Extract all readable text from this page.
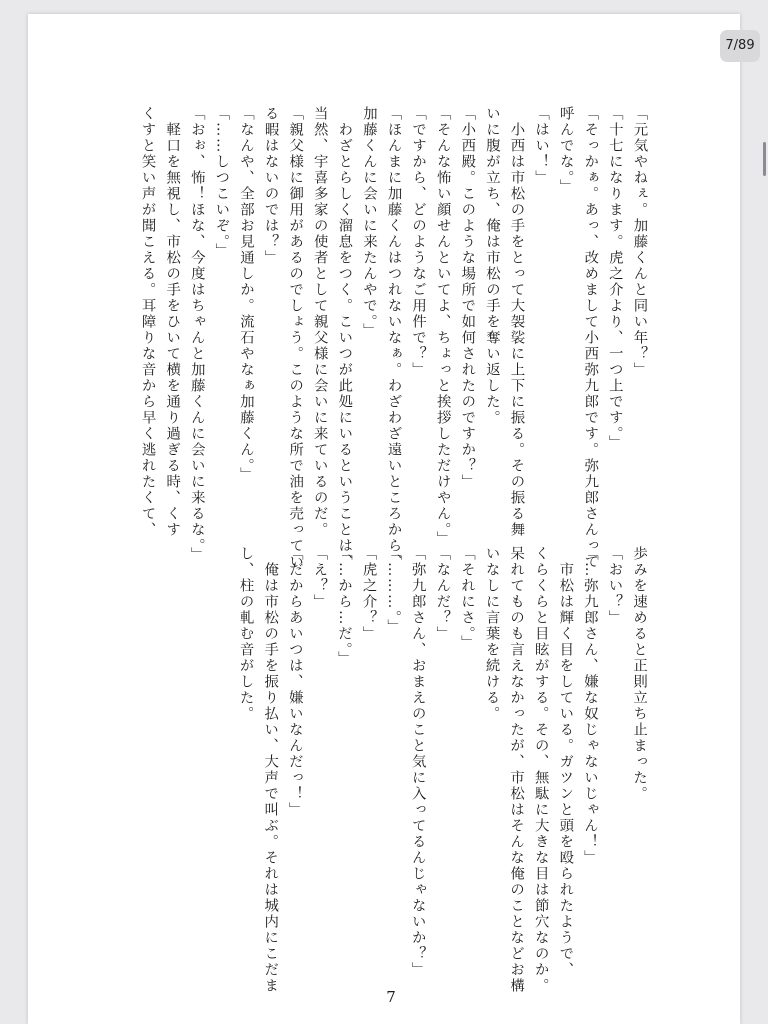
「元気やねぇ。加藤くんと同い年？」
「十七になります。虎之介より、一つ上です。」
「そっかぁ。あっ、改めまして小西弥九郎です。弥九郎さんって
呼んでな。」
「はい！」
　小西は市松の手をとって大袈裟に上下に振る。その振る舞
いに腹が立ち、俺は市松の手を奪い返した。
「小西殿。このような場所で如何されたのですか？」
「そんな怖い顔せんといてよ、ちょっと挨拶しただけやん。」
「ですから、どのようなご用件で？」
「ほんまに加藤くんはつれないなぁ。わざわざ遠いところから、
加藤くんに会いに来たんやで。」
　わざとらしく溜息をつく。こいつが此処にいるということは、
当然、宇喜多家の使者として親父様に会いに来ているのだ。
「親父様に御用があるのでしょう。このような所で油を売ってい
る暇はないのでは？」
「なんや、全部お見通しか。流石やなぁ加藤くん。」
「……しつこいぞ。」
「おぉ、怖！ほな、今度はちゃんと加藤くんに会いに来るな。」
　軽口を無視し、市松の手をひいて横を通り過ぎる時、くす
くすと笑い声が聞こえる。耳障りな音から早く逃れたくて、
歩みを速めると正則立ち止まった。
「おい？」
「…弥九郎さん、嫌な奴じゃないじゃん！」
　市松は輝く目をしている。ガツンと頭を殴られたようで、
くらくらと目眩がする。その、無駄に大きな目は節穴なのか。
呆れてものも言えなかったが、市松はそんな俺のことなどお構
いなしに言葉を続ける。
「それにさ。」
「なんだ？」
「弥九郎さん、おまえのこと気に入ってるんじゃないか？」
「………。」
「虎之介？」
「…から…だ。」
「え？」
「だからあいつは、嫌いなんだっ！」
　俺は市松の手を振り払い、大声で叫ぶ。それは城内にこだま
し、柱の軋む音がした。
7
7/89
